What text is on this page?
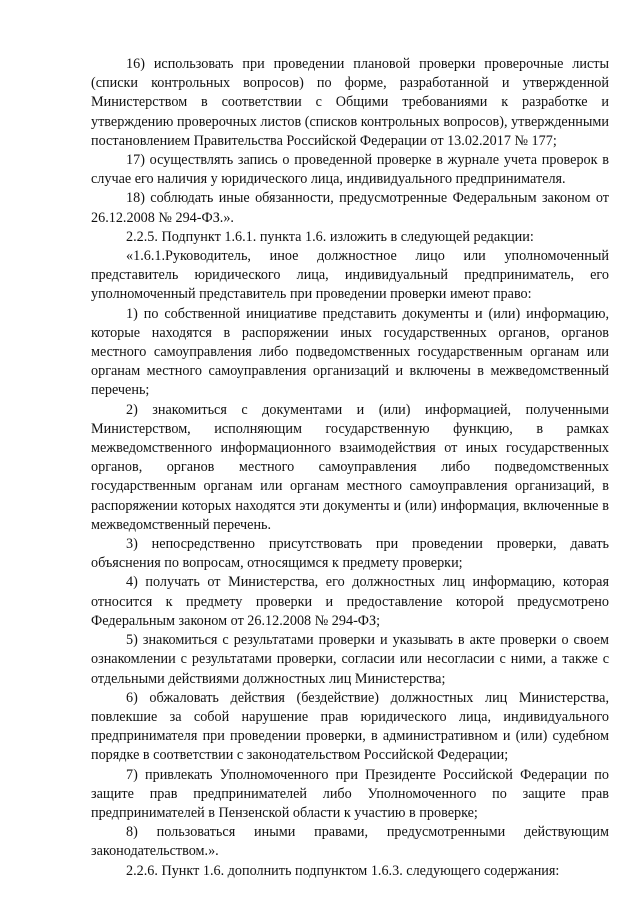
16) использовать при проведении плановой проверки проверочные листы (списки контрольных вопросов) по форме, разработанной и утвержденной Министерством в соответствии с Общими требованиями к разработке и утверждению проверочных листов (списков контрольных вопросов), утвержденными постановлением Правительства Российской Федерации от 13.02.2017 № 177;

17) осуществлять запись о проведенной проверке в журнале учета проверок в случае его наличия у юридического лица, индивидуального предпринимателя.

18) соблюдать иные обязанности, предусмотренные Федеральным законом от 26.12.2008 № 294-ФЗ.».

2.2.5. Подпункт 1.6.1. пункта 1.6. изложить в следующей редакции:

«1.6.1.Руководитель, иное должностное лицо или уполномоченный представитель юридического лица, индивидуальный предприниматель, его уполномоченный представитель при проведении проверки имеют право:

1) по собственной инициативе представить документы и (или) информацию, которые находятся в распоряжении иных государственных органов, органов местного самоуправления либо подведомственных государственным органам или органам местного самоуправления организаций и включены в межведомственный перечень;

2) знакомиться с документами и (или) информацией, полученными Министерством, исполняющим государственную функцию, в рамках межведомственного информационного взаимодействия от иных государственных органов, органов местного самоуправления либо подведомственных государственным органам или органам местного самоуправления организаций, в распоряжении которых находятся эти документы и (или) информация, включенные в межведомственный перечень.

3) непосредственно присутствовать при проведении проверки, давать объяснения по вопросам, относящимся к предмету проверки;

4) получать от Министерства, его должностных лиц информацию, которая относится к предмету проверки и предоставление которой предусмотрено Федеральным законом от 26.12.2008 № 294-ФЗ;

5) знакомиться с результатами проверки и указывать в акте проверки о своем ознакомлении с результатами проверки, согласии или несогласии с ними, а также с отдельными действиями должностных лиц Министерства;

6) обжаловать действия (бездействие) должностных лиц Министерства, повлекшие за собой нарушение прав юридического лица, индивидуального предпринимателя при проведении проверки, в административном и (или) судебном порядке в соответствии с законодательством Российской Федерации;

7) привлекать Уполномоченного при Президенте Российской Федерации по защите прав предпринимателей либо Уполномоченного по защите прав предпринимателей в Пензенской области к участию в проверке;

8) пользоваться иными правами, предусмотренными действующим законодательством.».

2.2.6. Пункт 1.6. дополнить подпунктом 1.6.3. следующего содержания:
